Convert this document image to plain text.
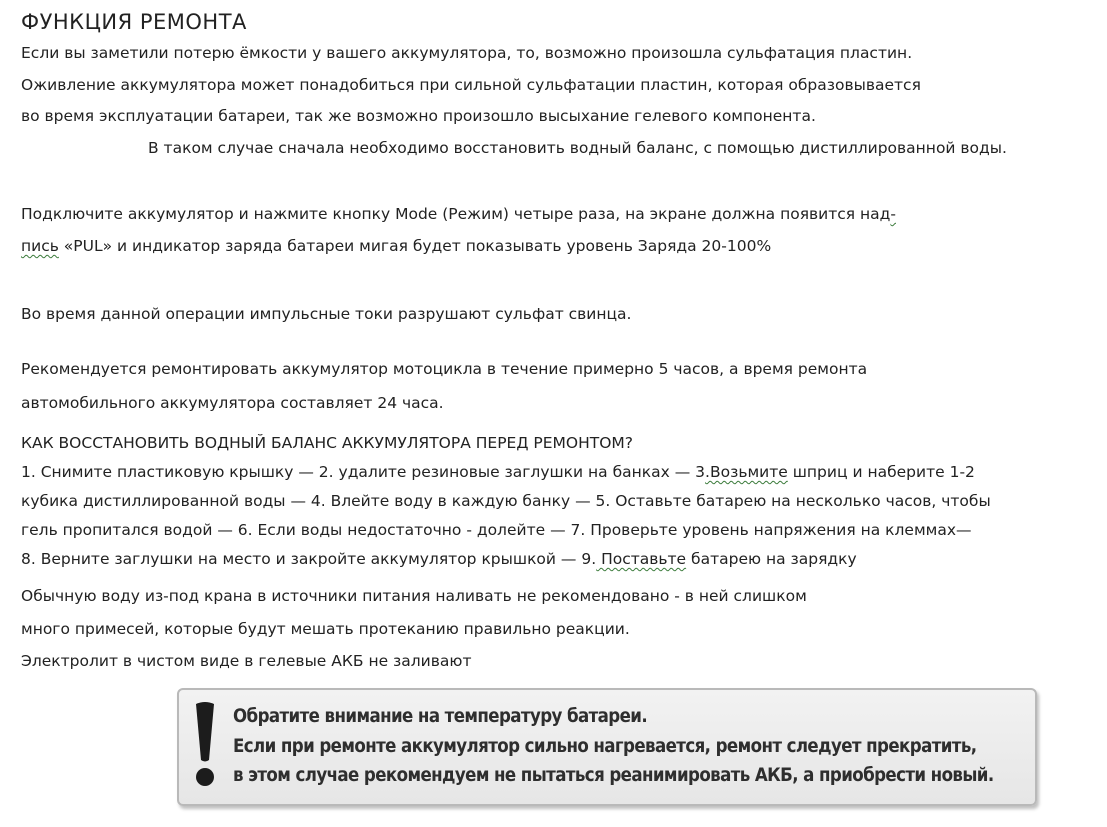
ФУНКЦИЯ РЕМОНТА
Если вы заметили потерю ёмкости у вашего аккумулятора, то, возможно произошла сульфатация пластин.
Оживление аккумулятора может понадобиться при сильной сульфатации пластин, которая образовывается
во время эксплуатации батареи, так же возможно произошло высыхание гелевого компонента.
В таком случае сначала необходимо восстановить водный баланс, с помощью дистиллированной воды.
Подключите аккумулятор и нажмите кнопку Mode (Режим) четыре раза, на экране должна появится над-
пись «PUL» и индикатор заряда батареи мигая будет показывать уровень Заряда 20-100%
Во время данной операции импульсные токи разрушают сульфат свинца.
Рекомендуется ремонтировать аккумулятор мотоцикла в течение примерно 5 часов, а время ремонта
автомобильного аккумулятора составляет 24 часа.
КАК ВОССТАНОВИТЬ ВОДНЫЙ БАЛАНС АККУМУЛЯТОРА ПЕРЕД РЕМОНТОМ?
1. Снимите пластиковую крышку — 2. удалите резиновые заглушки на банках — 3.Возьмите шприц и наберите 1-2
кубика дистиллированной воды — 4. Влейте воду в каждую банку — 5. Оставьте батарею на несколько часов, чтобы
гель пропитался водой — 6. Если воды недостаточно - долейте — 7. Проверьте уровень напряжения на клеммах—
8. Верните заглушки на место и закройте аккумулятор крышкой — 9. Поставьте батарею на зарядку
Обычную воду из-под крана в источники питания наливать не рекомендовано - в ней слишком
много примесей, которые будут мешать протеканию правильно реакции.
Электролит в чистом виде в гелевые АКБ не заливают
Обратите внимание на температуру батареи.
Если при ремонте аккумулятор сильно нагревается, ремонт следует прекратить,
в этом случае рекомендуем не пытаться реанимировать АКБ, а приобрести новый.
